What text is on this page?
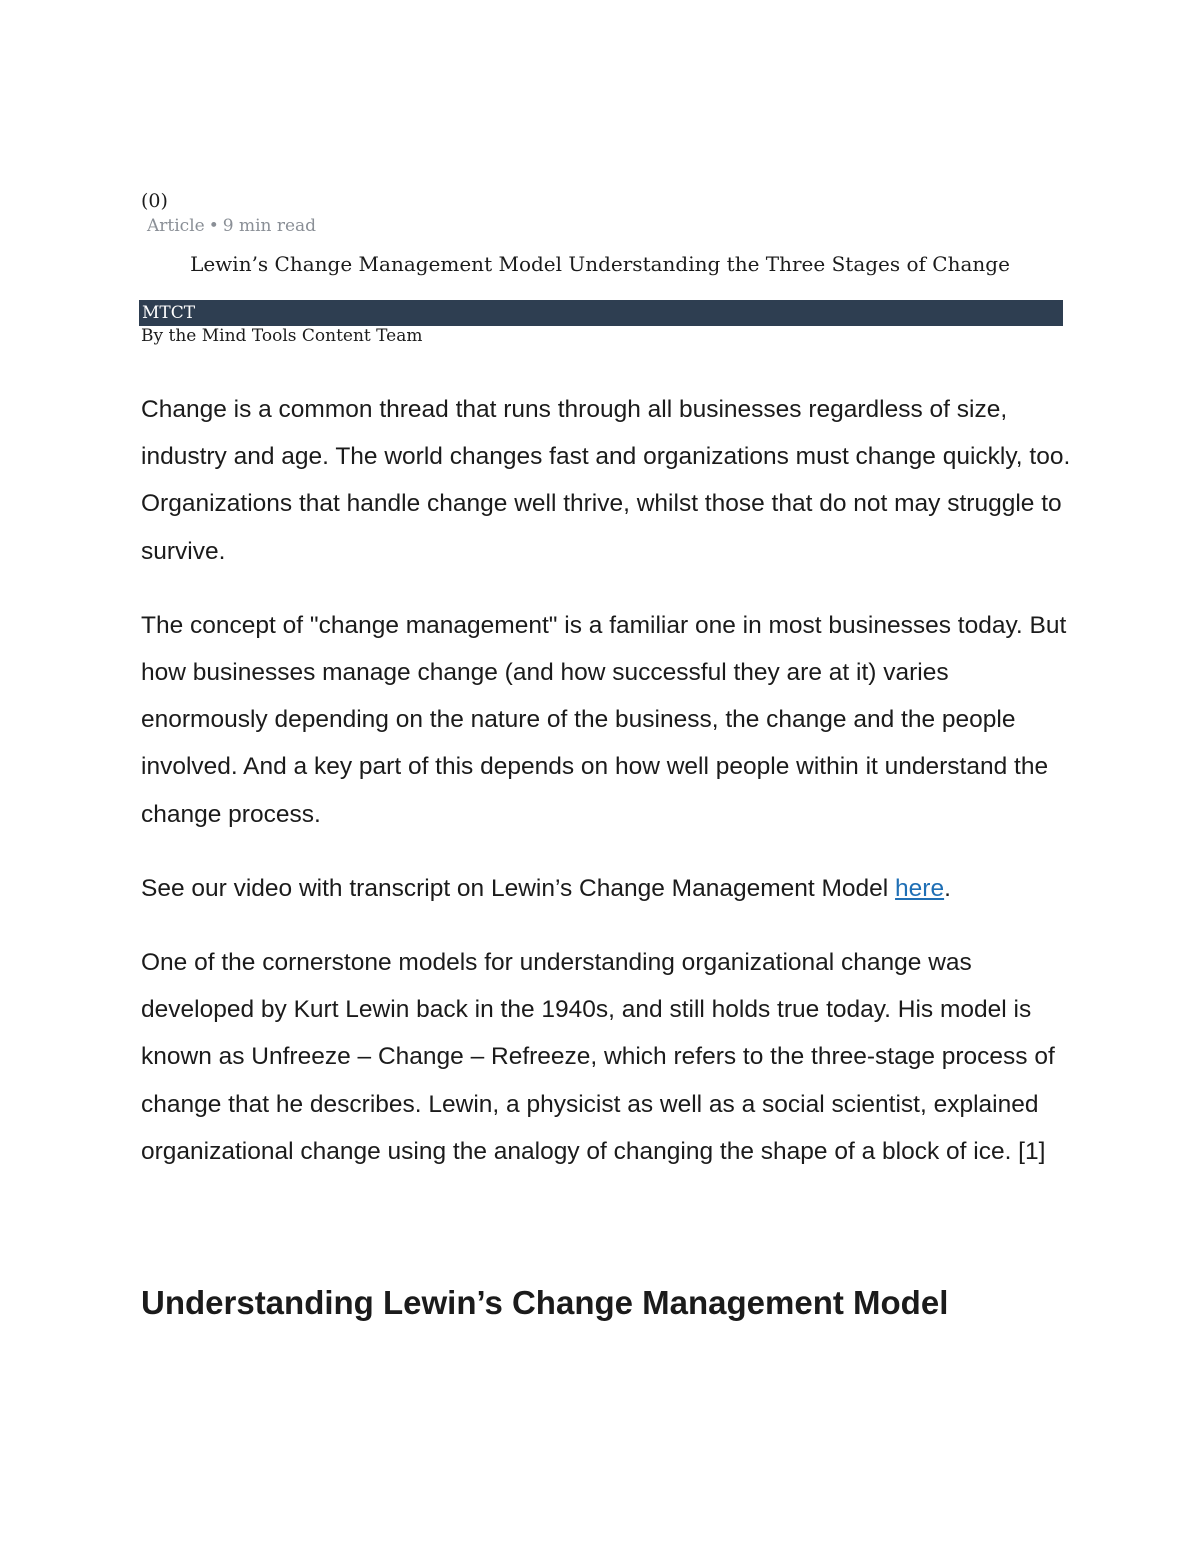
(0)
Article • 9 min read
Lewin’s Change Management Model Understanding the Three Stages of Change
MTCT
By the Mind Tools Content Team

Change is a common thread that runs through all businesses regardless of size, industry and age. The world changes fast and organizations must change quickly, too. Organizations that handle change well thrive, whilst those that do not may struggle to survive.

The concept of "change management" is a familiar one in most businesses today. But how businesses manage change (and how successful they are at it) varies enormously depending on the nature of the business, the change and the people involved. And a key part of this depends on how well people within it understand the change process.

See our video with transcript on Lewin’s Change Management Model here.

One of the cornerstone models for understanding organizational change was developed by Kurt Lewin back in the 1940s, and still holds true today. His model is known as Unfreeze – Change – Refreeze, which refers to the three-stage process of change that he describes. Lewin, a physicist as well as a social scientist, explained organizational change using the analogy of changing the shape of a block of ice. [1]

Understanding Lewin’s Change Management Model
